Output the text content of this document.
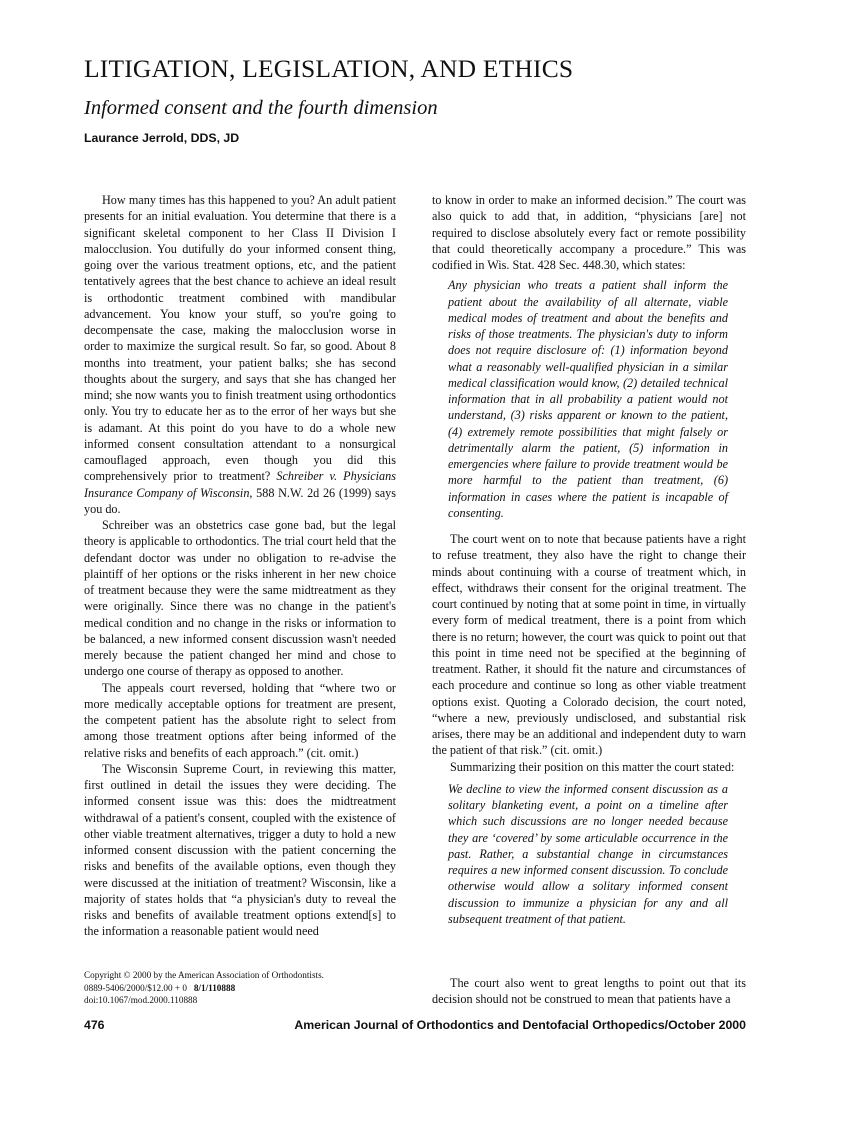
LITIGATION, LEGISLATION, AND ETHICS
Informed consent and the fourth dimension
Laurance Jerrold, DDS, JD

How many times has this happened to you? An adult patient presents for an initial evaluation. You determine that there is a significant skeletal component to her Class II Division I malocclusion. You dutifully do your informed consent thing, going over the various treatment options, etc, and the patient tentatively agrees that the best chance to achieve an ideal result is orthodontic treatment combined with mandibular advancement. You know your stuff, so you're going to decompensate the case, making the malocclusion worse in order to maximize the surgical result. So far, so good. About 8 months into treatment, your patient balks; she has second thoughts about the surgery, and says that she has changed her mind; she now wants you to finish treatment using orthodontics only. You try to educate her as to the error of her ways but she is adamant. At this point do you have to do a whole new informed consent consultation attendant to a nonsurgical camouflaged approach, even though you did this comprehensively prior to treatment? Schreiber v. Physicians Insurance Company of Wisconsin, 588 N.W. 2d 26 (1999) says you do.

Schreiber was an obstetrics case gone bad, but the legal theory is applicable to orthodontics. The trial court held that the defendant doctor was under no obligation to re-advise the plaintiff of her options or the risks inherent in her new choice of treatment because they were the same midtreatment as they were originally. Since there was no change in the patient's medical condition and no change in the risks or information to be balanced, a new informed consent discussion wasn't needed merely because the patient changed her mind and chose to undergo one course of therapy as opposed to another.

The appeals court reversed, holding that “where two or more medically acceptable options for treatment are present, the competent patient has the absolute right to select from among those treatment options after being informed of the relative risks and benefits of each approach.” (cit. omit.)

The Wisconsin Supreme Court, in reviewing this matter, first outlined in detail the issues they were deciding. The informed consent issue was this: does the midtreatment withdrawal of a patient's consent, coupled with the existence of other viable treatment alternatives, trigger a duty to hold a new informed consent discussion with the patient concerning the risks and benefits of the available options, even though they were discussed at the initiation of treatment? Wisconsin, like a majority of states holds that “a physician's duty to reveal the risks and benefits of available treatment options extend[s] to the information a reasonable patient would need

to know in order to make an informed decision.” The court was also quick to add that, in addition, “physicians [are] not required to disclose absolutely every fact or remote possibility that could theoretically accompany a procedure.” This was codified in Wis. Stat. 428 Sec. 448.30, which states:

Any physician who treats a patient shall inform the patient about the availability of all alternate, viable medical modes of treatment and about the benefits and risks of those treatments. The physician's duty to inform does not require disclosure of: (1) information beyond what a reasonably well-qualified physician in a similar medical classification would know, (2) detailed technical information that in all probability a patient would not understand, (3) risks apparent or known to the patient, (4) extremely remote possibilities that might falsely or detrimentally alarm the patient, (5) information in emergencies where failure to provide treatment would be more harmful to the patient than treatment, (6) information in cases where the patient is incapable of consenting.

The court went on to note that because patients have a right to refuse treatment, they also have the right to change their minds about continuing with a course of treatment which, in effect, withdraws their consent for the original treatment. The court continued by noting that at some point in time, in virtually every form of medical treatment, there is a point from which there is no return; however, the court was quick to point out that this point in time need not be specified at the beginning of treatment. Rather, it should fit the nature and circumstances of each procedure and continue so long as other viable treatment options exist. Quoting a Colorado decision, the court noted, “where a new, previously undisclosed, and substantial risk arises, there may be an additional and independent duty to warn the patient of that risk.” (cit. omit.)

Summarizing their position on this matter the court stated:

We decline to view the informed consent discussion as a solitary blanketing event, a point on a timeline after which such discussions are no longer needed because they are ‘covered’ by some articulable occurrence in the past. Rather, a substantial change in circumstances requires a new informed consent discussion. To conclude otherwise would allow a solitary informed consent discussion to immunize a physician for any and all subsequent treatment of that patient.

The court also went to great lengths to point out that its decision should not be construed to mean that patients have a

Copyright © 2000 by the American Association of Orthodontists.
0889-5406/2000/$12.00 + 0 8/1/110888
doi:10.1067/mod.2000.110888
476	American Journal of Orthodontics and Dentofacial Orthopedics/October 2000
